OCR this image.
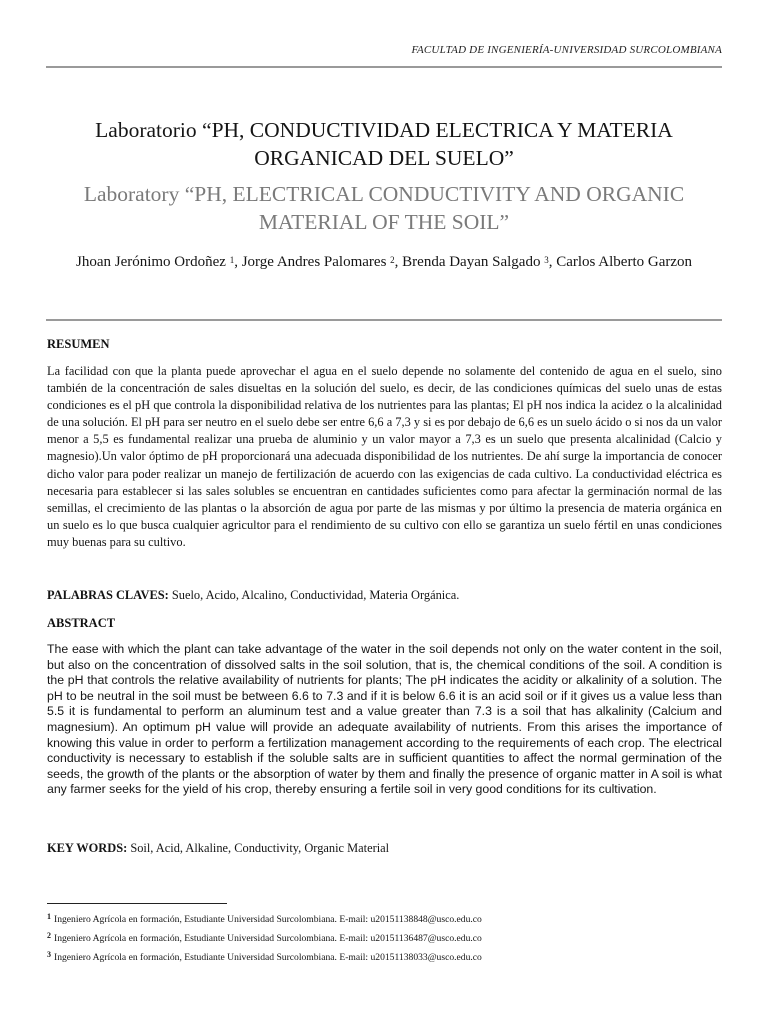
FACULTAD DE INGENIERÍA-UNIVERSIDAD SURCOLOMBIANA
Laboratorio “PH, CONDUCTIVIDAD ELECTRICA Y MATERIA ORGANICAD DEL SUELO”
Laboratory “PH, ELECTRICAL CONDUCTIVITY AND ORGANIC MATERIAL OF THE SOIL”
Jhoan Jerónimo Ordoñez $^1$, Jorge Andres Palomares $^2$, Brenda Dayan Salgado $^3$, Carlos Alberto Garzon
RESUMEN
La facilidad con que la planta puede aprovechar el agua en el suelo depende no solamente del contenido de agua en el suelo, sino también de la concentración de sales disueltas en la solución del suelo, es decir, de las condiciones químicas del suelo unas de estas condiciones es el pH que controla la disponibilidad relativa de los nutrientes para las plantas; El pH nos indica la acidez o la alcalinidad de una solución. El pH para ser neutro en el suelo debe ser entre 6,6 a 7,3 y si es por debajo de 6,6 es un suelo ácido o si nos da un valor menor a 5,5 es fundamental realizar una prueba de aluminio y un valor mayor a 7,3 es un suelo que presenta alcalinidad (Calcio y magnesio).Un valor óptimo de pH proporcionará una adecuada disponibilidad de los nutrientes. De ahí surge la importancia de conocer dicho valor para poder realizar un manejo de fertilización de acuerdo con las exigencias de cada cultivo. La conductividad eléctrica es necesaria para establecer si las sales solubles se encuentran en cantidades suficientes como para afectar la germinación normal de las semillas, el crecimiento de las plantas o la absorción de agua por parte de las mismas y por último la presencia de materia orgánica en un suelo es lo que busca cualquier agricultor para el rendimiento de su cultivo con ello se garantiza un suelo fértil en unas condiciones muy buenas para su cultivo.
PALABRAS CLAVES: Suelo, Acido, Alcalino, Conductividad, Materia Orgánica.
ABSTRACT
The ease with which the plant can take advantage of the water in the soil depends not only on the water content in the soil, but also on the concentration of dissolved salts in the soil solution, that is, the chemical conditions of the soil. A condition is the pH that controls the relative availability of nutrients for plants; The pH indicates the acidity or alkalinity of a solution. The pH to be neutral in the soil must be between 6.6 to 7.3 and if it is below 6.6 it is an acid soil or if it gives us a value less than 5.5 it is fundamental to perform an aluminum test and a value greater than 7.3 is a soil that has alkalinity (Calcium and magnesium). An optimum pH value will provide an adequate availability of nutrients. From this arises the importance of knowing this value in order to perform a fertilization management according to the requirements of each crop. The electrical conductivity is necessary to establish if the soluble salts are in sufficient quantities to affect the normal germination of the seeds, the growth of the plants or the absorption of water by them and finally the presence of organic matter in A soil is what any farmer seeks for the yield of his crop, thereby ensuring a fertile soil in very good conditions for its cultivation.
KEY WORDS: Soil, Acid, Alkaline, Conductivity, Organic Material
$^1$ Ingeniero Agrícola en formación, Estudiante Universidad Surcolombiana. E-mail: u20151138848@usco.edu.co
$^2$ Ingeniero Agrícola en formación, Estudiante Universidad Surcolombiana. E-mail: u20151136487@usco.edu.co
$^3$ Ingeniero Agrícola en formación, Estudiante Universidad Surcolombiana. E-mail: u20151138033@usco.edu.co
